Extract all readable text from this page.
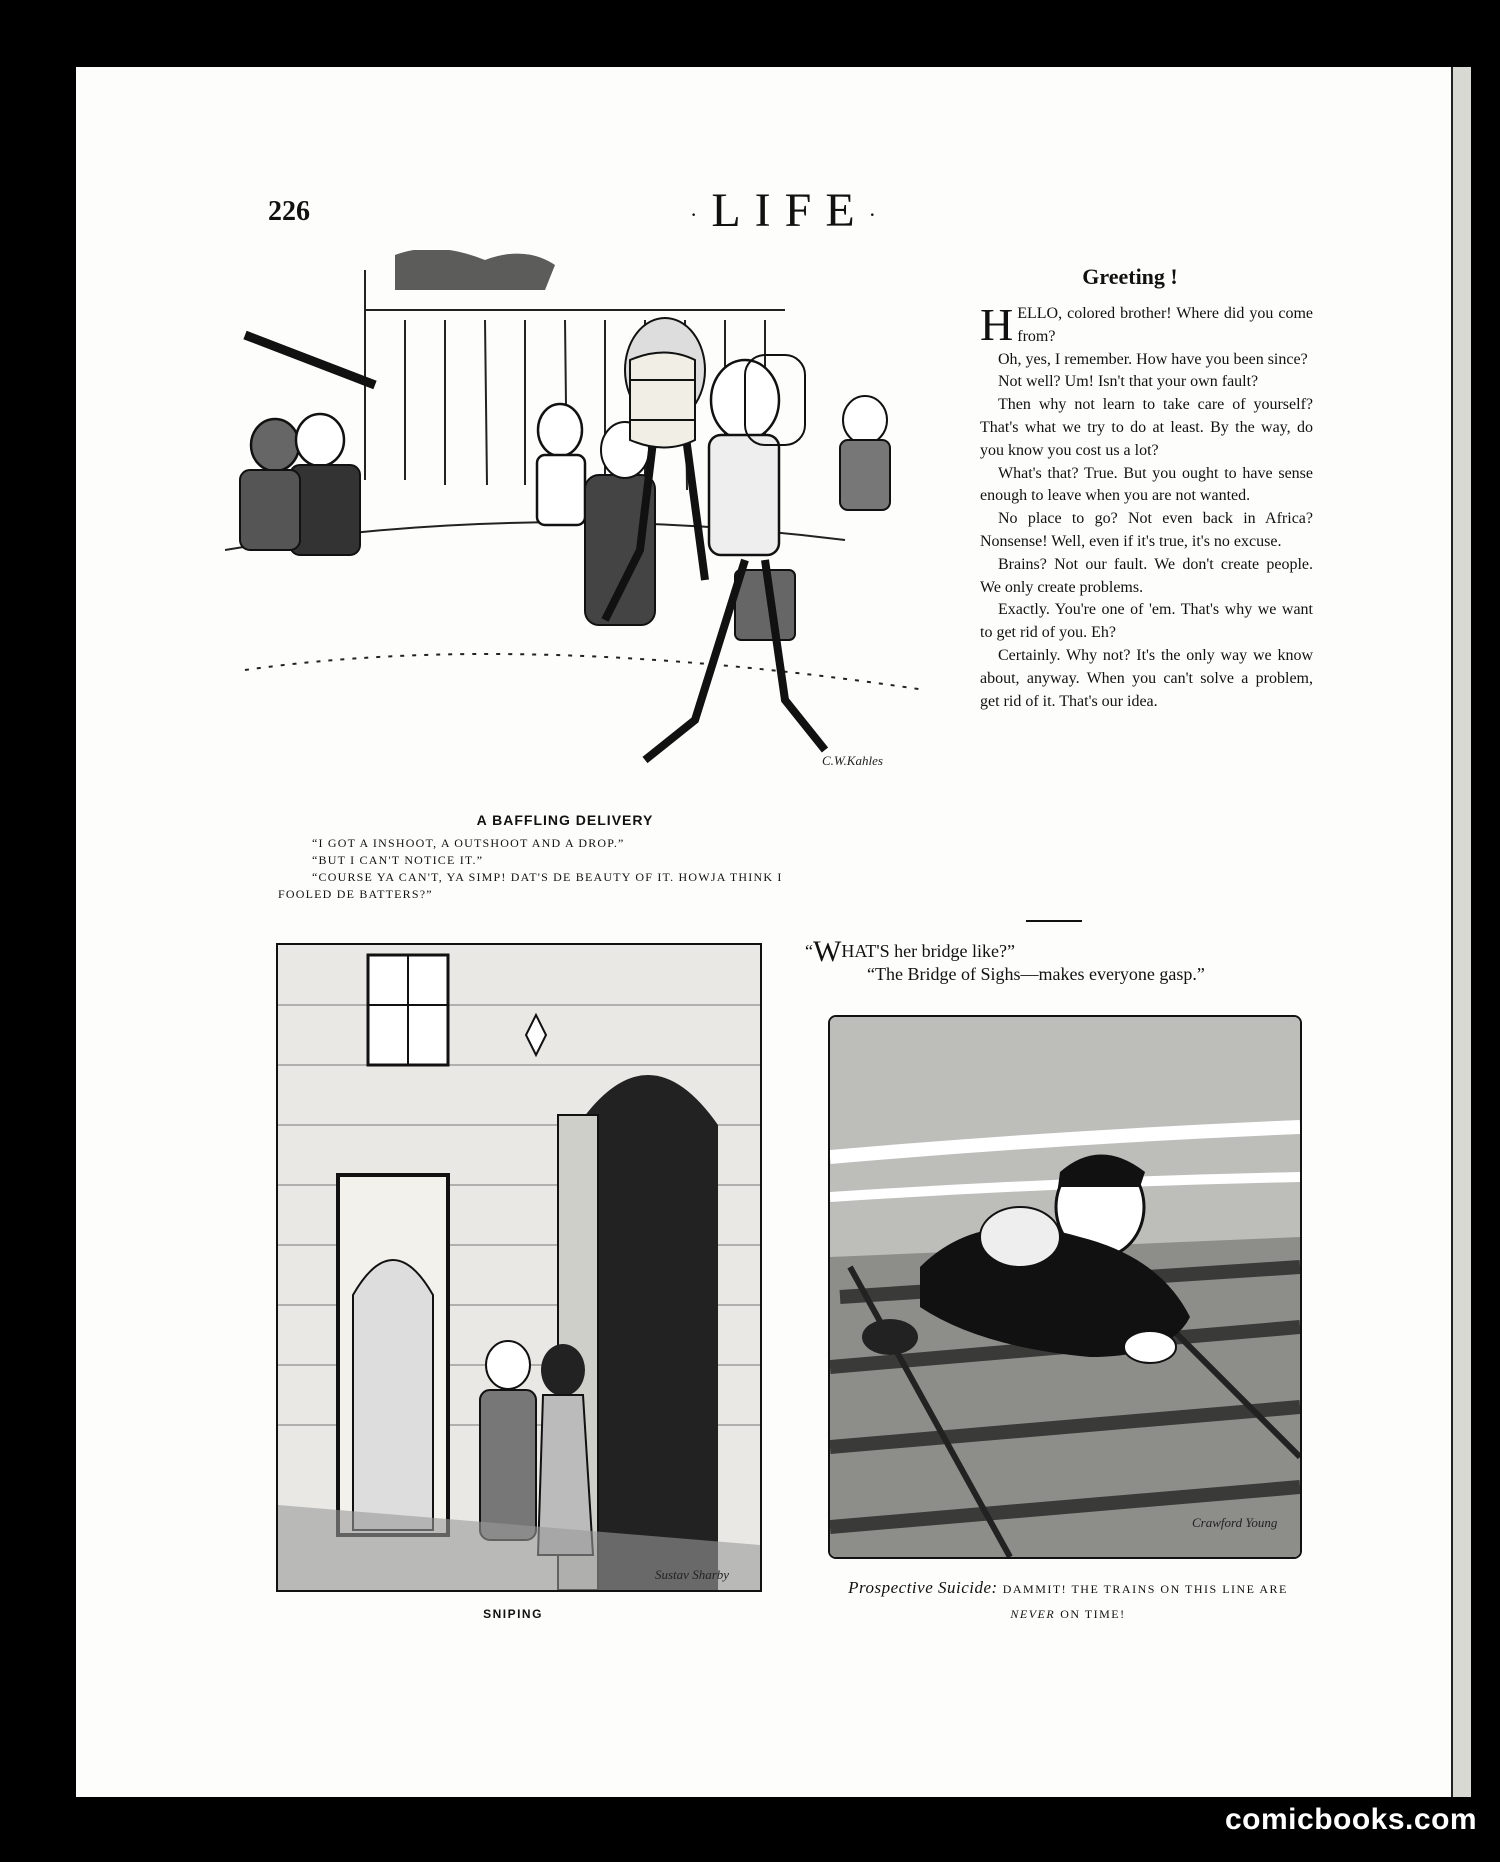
226	·LIFE·
C.W.Kahles
A BAFFLING DELIVERY
“I GOT A INSHOOT, A OUTSHOOT AND A DROP.”
“BUT I CAN'T NOTICE IT.”
“COURSE YA CAN'T, YA SIMP! DAT'S DE BEAUTY OF IT. HOWJA THINK I
FOOLED DE BATTERS?”
Greeting !

HELLO, colored brother! Where did you come from?

Oh, yes, I remember. How have you been since?

Not well? Um! Isn't that your own fault?

Then why not learn to take care of yourself? That's what we try to do at least. By the way, do you know you cost us a lot?

What's that? True. But you ought to have sense enough to leave when you are not wanted.

No place to go? Not even back in Africa? Nonsense! Well, even if it's true, it's no excuse.

Brains? Not our fault. We don't create people. We only create problems.

Exactly. You're one of 'em. That's why we want to get rid of you. Eh?

Certainly. Why not? It's the only way we know about, anyway. When you can't solve a problem, get rid of it. That's our idea.

“WHAT'S her bridge like?”
“The Bridge of Sighs—makes everyone gasp.”
Sustav Sharby
SNIPING
Crawford Young
Prospective Suicide: DAMMIT! THE TRAINS ON THIS LINE ARE NEVER ON TIME!
comicbooks.com
